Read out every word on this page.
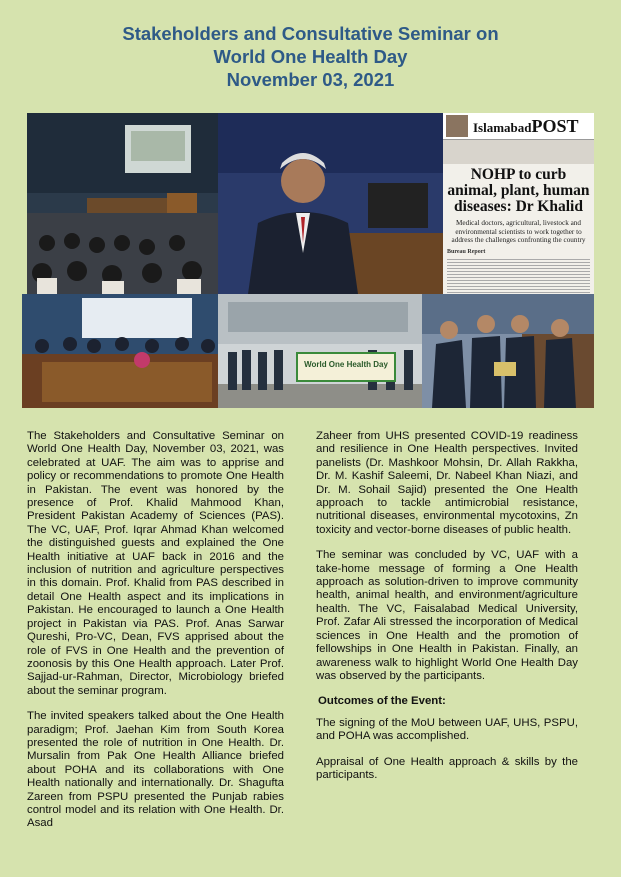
Stakeholders and Consultative Seminar on
World One Health Day
November 03, 2021
IslamabadPOST
NOHP to curb
animal, plant, human
diseases: Dr Khalid
Medical doctors, agricultural, livestock and
environmental scientists to work together to
address the challenges confronting the country
Bureau Report
World One Health Day

The Stakeholders and Consultative Seminar on World One Health Day, November 03, 2021, was celebrated at UAF. The aim was to apprise and policy or recommendations to promote One Health in Pakistan. The event was honored by the presence of Prof. Khalid Mahmood Khan, President Pakistan Academy of Sciences (PAS). The VC, UAF, Prof. Iqrar Ahmad Khan welcomed the distinguished guests and explained the One Health initiative at UAF back in 2016 and the inclusion of nutrition and agriculture perspectives in this domain. Prof. Khalid from PAS described in detail One Health aspect and its implications in Pakistan. He encouraged to launch a One Health project in Pakistan via PAS. Prof. Anas Sarwar Qureshi, Pro-VC, Dean, FVS apprised about the role of FVS in One Health and the prevention of zoonosis by this One Health approach. Later Prof. Sajjad-ur-Rahman, Director, Microbiology briefed about the seminar program.

The invited speakers talked about the One Health paradigm; Prof. Jaehan Kim from South Korea presented the role of nutrition in One Health. Dr. Mursalin from Pak One Health Alliance briefed about POHA and its collaborations with One Health nationally and internationally. Dr. Shagufta Zareen from PSPU presented the Punjab rabies control model and its relation with One Health. Dr. Asad

Zaheer from UHS presented COVID-19 readiness and resilience in One Health perspectives. Invited panelists (Dr. Mashkoor Mohsin, Dr. Allah Rakkha, Dr. M. Kashif Saleemi, Dr. Nabeel Khan Niazi, and Dr. M. Sohail Sajid) presented the One Health approach to tackle antimicrobial resistance, nutritional diseases, environmental mycotoxins, Zn toxicity and vector-borne diseases of public health.

The seminar was concluded by VC, UAF with a take-home message of forming a One Health approach as solution-driven to improve community health, animal health, and environment/agriculture health. The VC, Faisalabad Medical University, Prof. Zafar Ali stressed the incorporation of Medical sciences in One Health and the promotion of fellowships in One Health in Pakistan. Finally, an awareness walk to highlight World One Health Day was observed by the participants.

Outcomes of the Event:

The signing of the MoU between UAF, UHS, PSPU, and POHA was accomplished.

Appraisal of One Health approach & skills by the participants.
